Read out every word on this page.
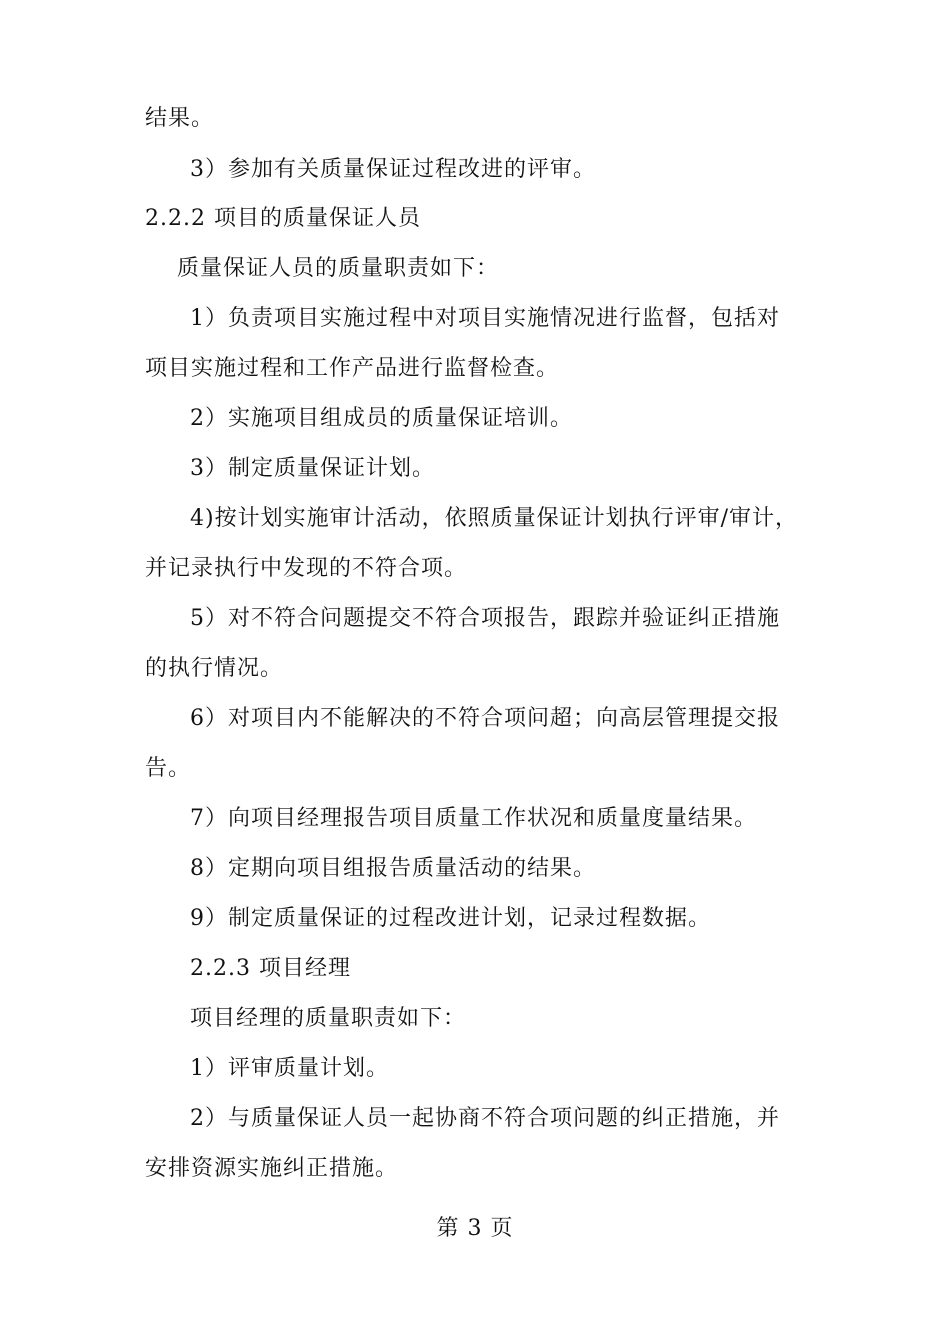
结果。
3）参加有关质量保证过程改进的评审。
2.2.2 项目的质量保证人员
质量保证人员的质量职责如下：
1）负责项目实施过程中对项目实施情况进行监督，包括对
项目实施过程和工作产品进行监督检查。
2）实施项目组成员的质量保证培训。
3）制定质量保证计划。
4)按计划实施审计活动，依照质量保证计划执行评审/审计，
并记录执行中发现的不符合项。
5）对不符合问题提交不符合项报告，跟踪并验证纠正措施
的执行情况。
6）对项目内不能解决的不符合项问超；向高层管理提交报
告。
7）向项目经理报告项目质量工作状况和质量度量结果。
8）定期向项目组报告质量活动的结果。
9）制定质量保证的过程改进计划，记录过程数据。
2.2.3 项目经理
项目经理的质量职责如下：
1）评审质量计划。
2）与质量保证人员一起协商不符合项问题的纠正措施，并
安排资源实施纠正措施。
第 3 页
